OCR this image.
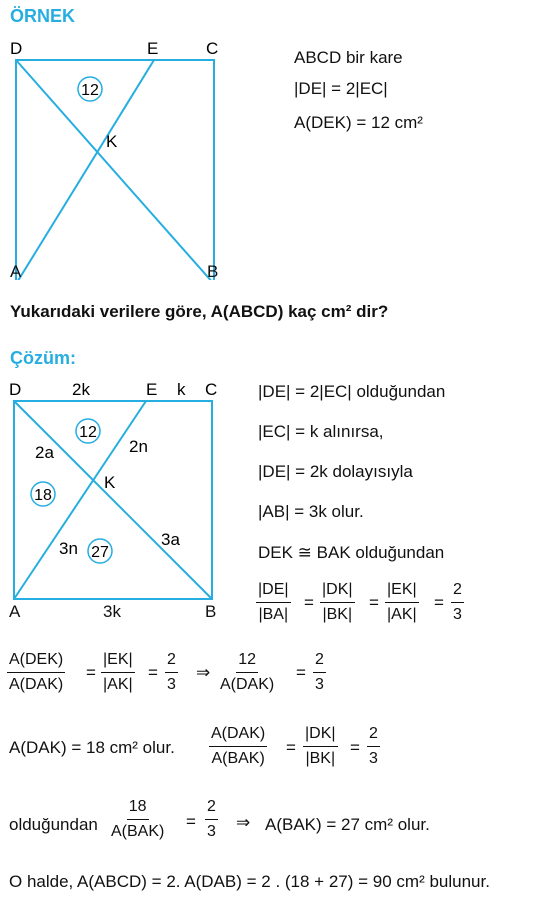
ÖRNEK
12
D	E	C
K
A	B
ABCD bir kare
|DE| = 2|EC|
A(DEK) = 12 cm²
Yukarıdaki verilere göre, A(ABCD) kaç cm² dir?
Çözüm:
12
18
27
D	2k	E k C
2a	2n
K
3n	3a
A	3k	B
|DE| = 2|EC| olduğundan
|EC| = k alınırsa,
|DE| = 2k dolayısıyla
|AB| = 3k olur.
DEK ≅ BAK olduğundan
$\frac{|DE|}{|BA|} = \frac{|DK|}{|BK|} = \frac{|EK|}{|AK|} = \frac{2}{3}$
A(DEK)
A(DAK)
= $\frac{|EK|}{|AK|} = \frac{2}{3}$ ⇒
12
A(DAK)
= $\frac{2}{3}$
A(DAK) = 18 cm² olur.
A(DAK)
A(BAK)
= $\frac{|DK|}{|BK|} = \frac{2}{3}$
olduğundan
18
A(BAK)
= $\frac{2}{3}$ ⇒ A(BAK) = 27 cm² olur.
O halde, A(ABCD) = 2. A(DAB) = 2 . (18 + 27) = 90 cm² bulunur.
